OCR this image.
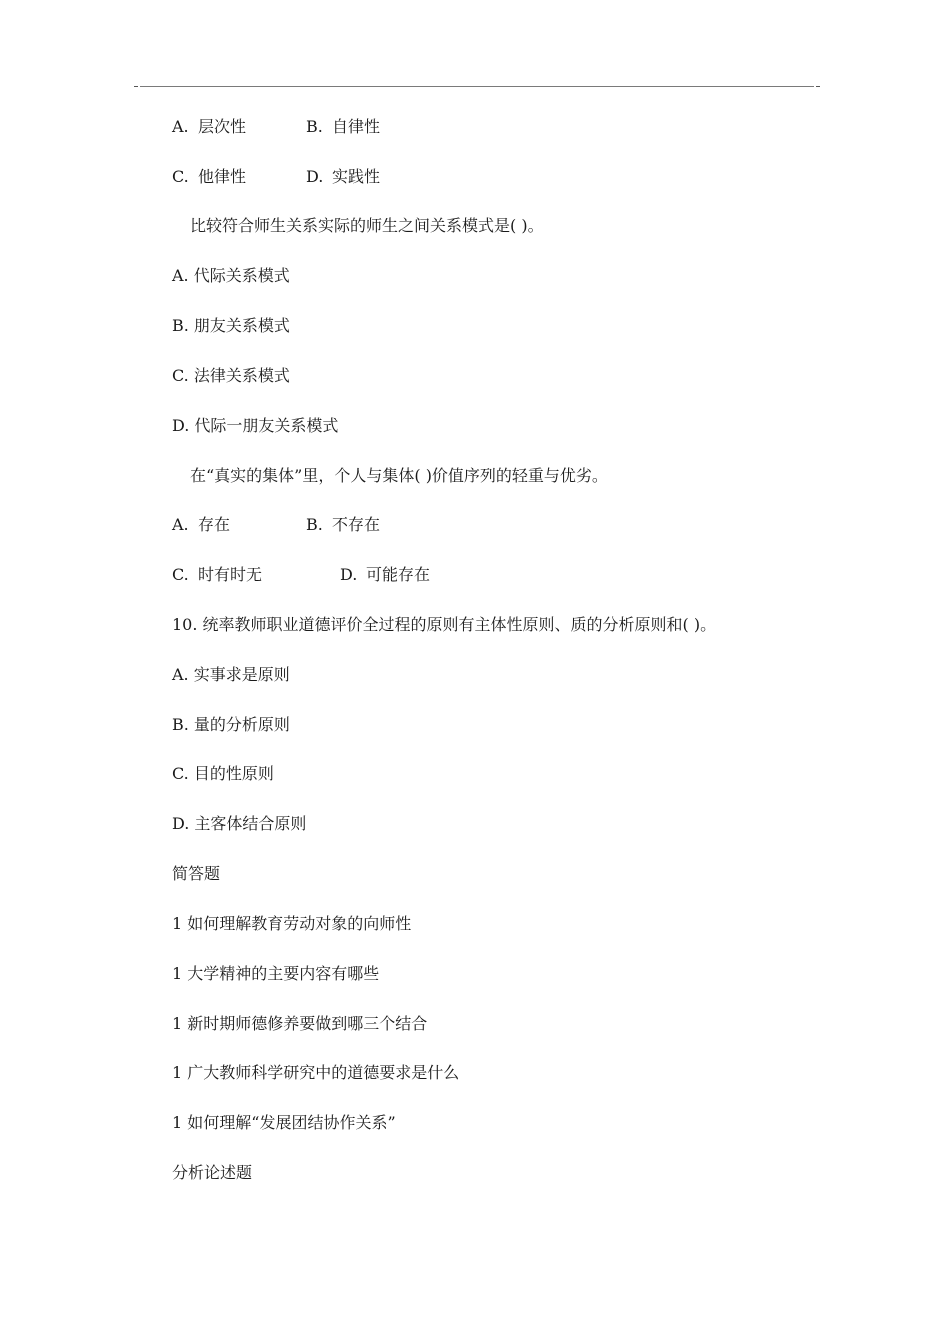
A. 层次性	B. 自律性
C. 他律性	D. 实践性
比较符合师生关系实际的师生之间关系模式是( )。
A. 代际关系模式
B. 朋友关系模式
C. 法律关系模式
D. 代际一朋友关系模式
在“真实的集体”里，个人与集体( )价值序列的轻重与优劣。
A. 存在	B. 不存在
C. 时有时无	D. 可能存在
10. 统率教师职业道德评价全过程的原则有主体性原则、质的分析原则和( )。
A. 实事求是原则
B. 量的分析原则
C. 目的性原则
D. 主客体结合原则
简答题
1 如何理解教育劳动对象的向师性
1 大学精神的主要内容有哪些
1 新时期师德修养要做到哪三个结合
1 广大教师科学研究中的道德要求是什么
1 如何理解“发展团结协作关系”
分析论述题
